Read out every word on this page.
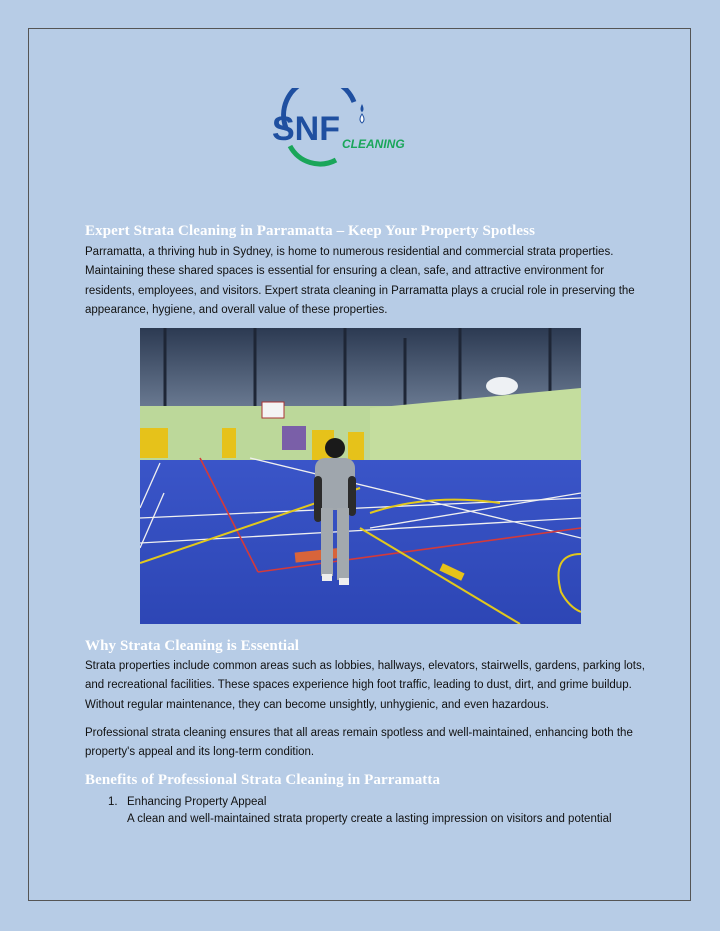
SNF CLEANING
Expert Strata Cleaning in Parramatta – Keep Your Property Spotless

Parramatta, a thriving hub in Sydney, is home to numerous residential and commercial strata properties. Maintaining these shared spaces is essential for ensuring a clean, safe, and attractive environment for residents, employees, and visitors. Expert strata cleaning in Parramatta plays a crucial role in preserving the appearance, hygiene, and overall value of these properties.

Why Strata Cleaning is Essential

Strata properties include common areas such as lobbies, hallways, elevators, stairwells, gardens, parking lots, and recreational facilities. These spaces experience high foot traffic, leading to dust, dirt, and grime buildup. Without regular maintenance, they can become unsightly, unhygienic, and even hazardous.

Professional strata cleaning ensures that all areas remain spotless and well-maintained, enhancing both the property's appeal and its long-term condition.

Benefits of Professional Strata Cleaning in Parramatta
1. Enhancing Property Appeal

A clean and well-maintained strata property create a lasting impression on visitors and potential
